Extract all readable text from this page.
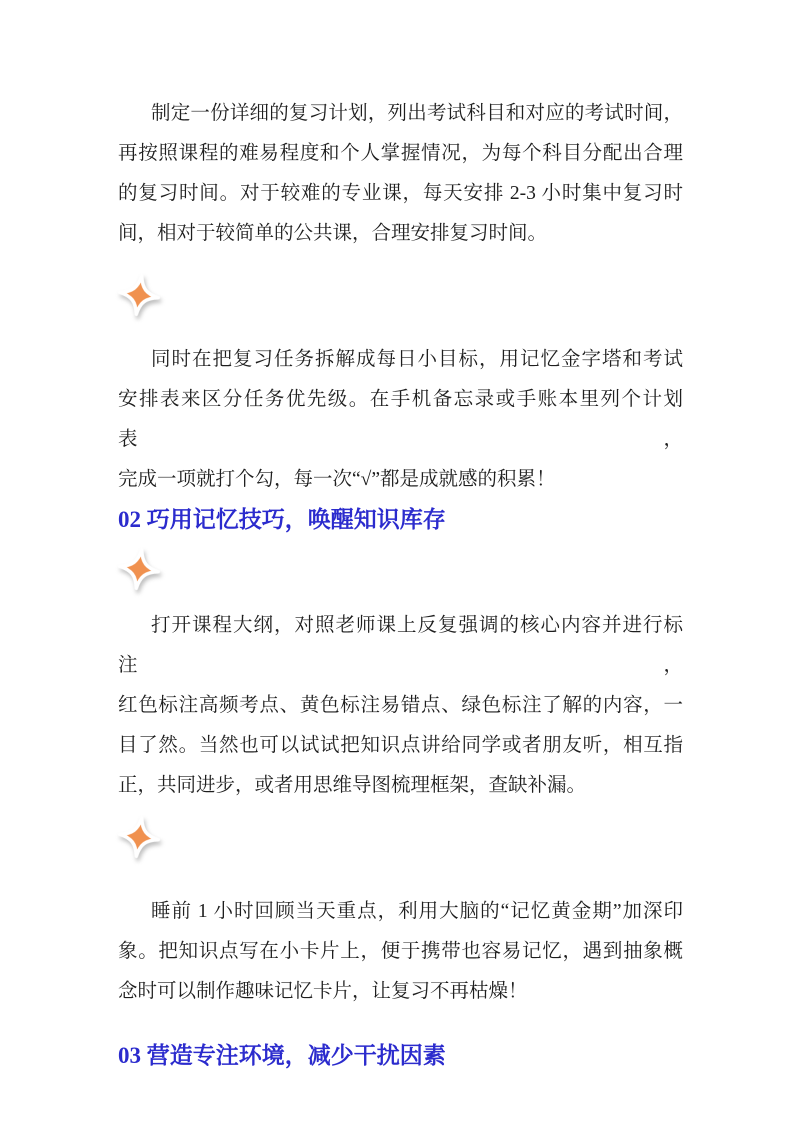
制定一份详细的复习计划，列出考试科目和对应的考试时间，
再按照课程的难易程度和个人掌握情况，为每个科目分配出合理
的复习时间。对于较难的专业课，每天安排 2-3 小时集中复习时
间，相对于较简单的公共课，合理安排复习时间。

同时在把复习任务拆解成每日小目标，用记忆金字塔和考试
安排表来区分任务优先级。在手机备忘录或手账本里列个计划表，
完成一项就打个勾，每一次“√”都是成就感的积累！

02 巧用记忆技巧，唤醒知识库存

打开课程大纲，对照老师课上反复强调的核心内容并进行标注，
红色标注高频考点、黄色标注易错点、绿色标注了解的内容，一
目了然。当然也可以试试把知识点讲给同学或者朋友听，相互指
正，共同进步，或者用思维导图梳理框架，查缺补漏。

睡前 1 小时回顾当天重点，利用大脑的“记忆黄金期”加深印
象。把知识点写在小卡片上，便于携带也容易记忆，遇到抽象概
念时可以制作趣味记忆卡片，让复习不再枯燥！

03 营造专注环境，减少干扰因素
